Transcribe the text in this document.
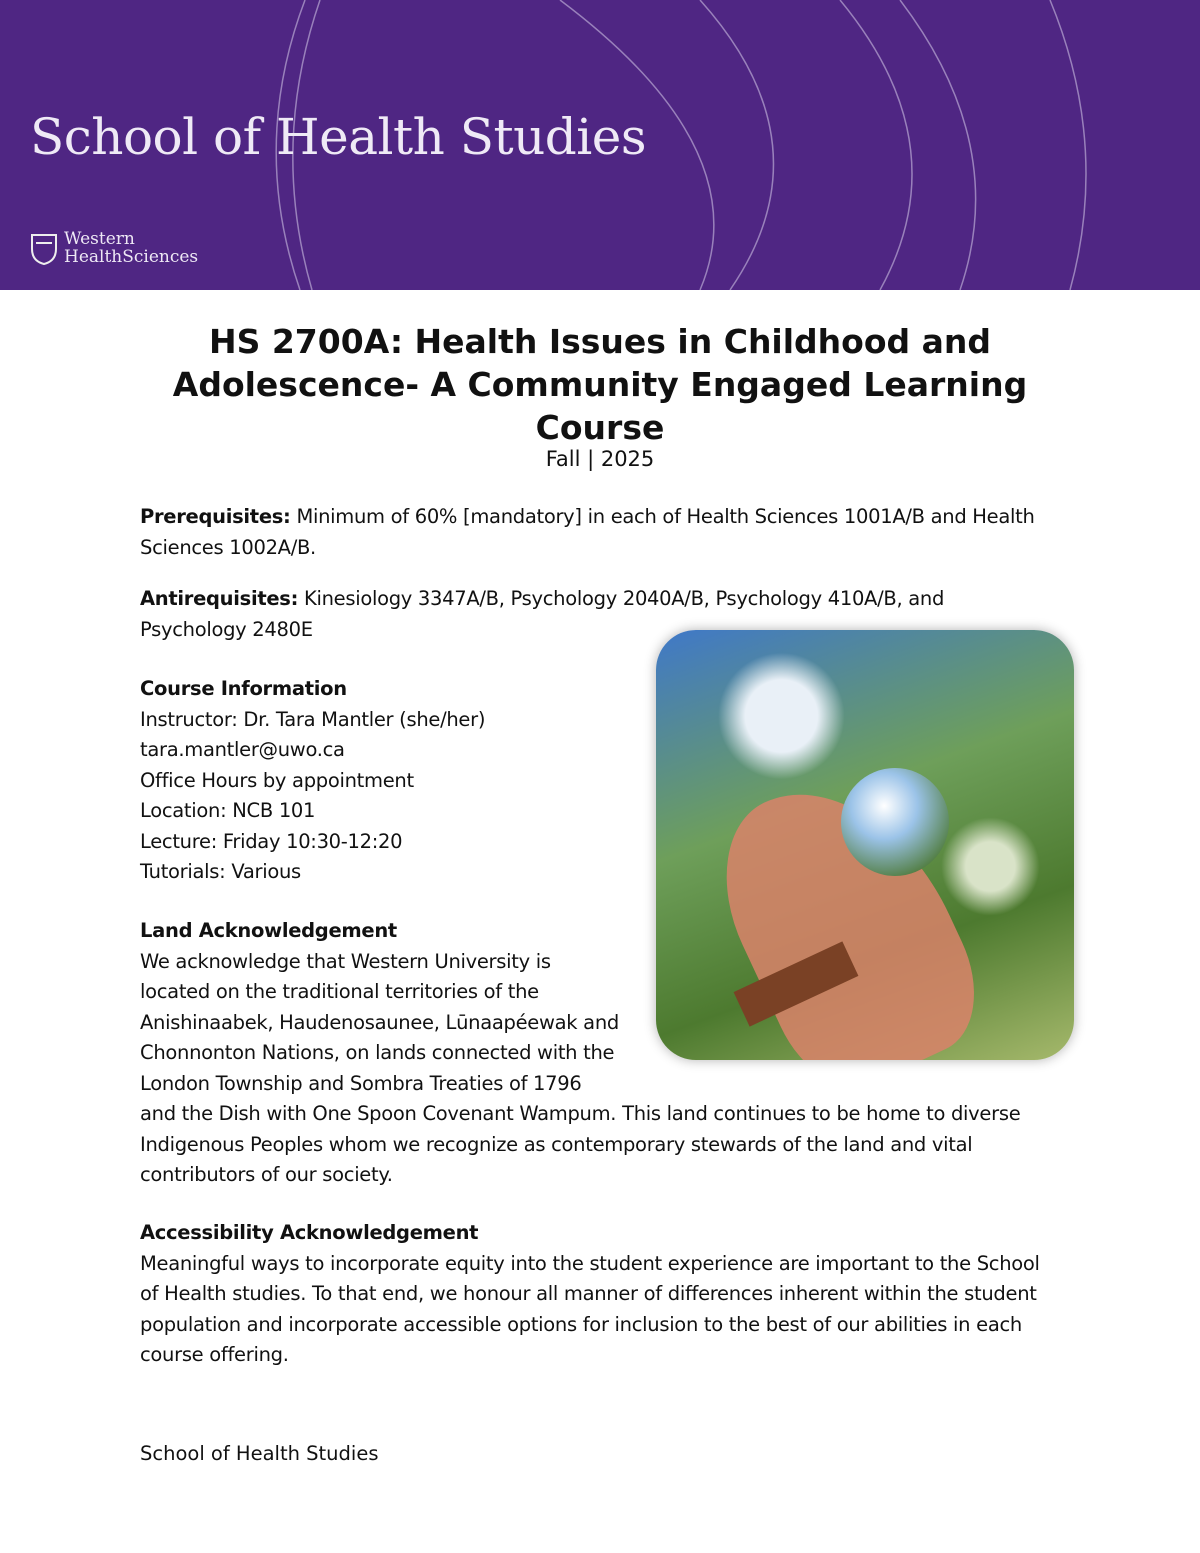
School of Health Studies
Western
HealthSciences
HS 2700A: Health Issues in Childhood and Adolescence- A Community Engaged Learning Course
Fall | 2025
Prerequisites: Minimum of 60% [mandatory] in each of Health Sciences 1001A/B and Health
Sciences 1002A/B.
Antirequisites: Kinesiology 3347A/B, Psychology 2040A/B, Psychology 410A/B, and
Psychology 2480E
Course Information
Instructor: Dr. Tara Mantler (she/her)
tara.mantler@uwo.ca
Office Hours by appointment
Location: NCB 101
Lecture: Friday 10:30-12:20
Tutorials: Various
Land Acknowledgement
We acknowledge that Western University is
located on the traditional territories of the
Anishinaabek, Haudenosaunee, Lūnaapéewak and
Chonnonton Nations, on lands connected with the
London Township and Sombra Treaties of 1796
and the Dish with One Spoon Covenant Wampum. This land continues to be home to diverse
Indigenous Peoples whom we recognize as contemporary stewards of the land and vital
contributors of our society.
Accessibility Acknowledgement
Meaningful ways to incorporate equity into the student experience are important to the School
of Health studies. To that end, we honour all manner of differences inherent within the student
population and incorporate accessible options for inclusion to the best of our abilities in each
course offering.
School of Health Studies
